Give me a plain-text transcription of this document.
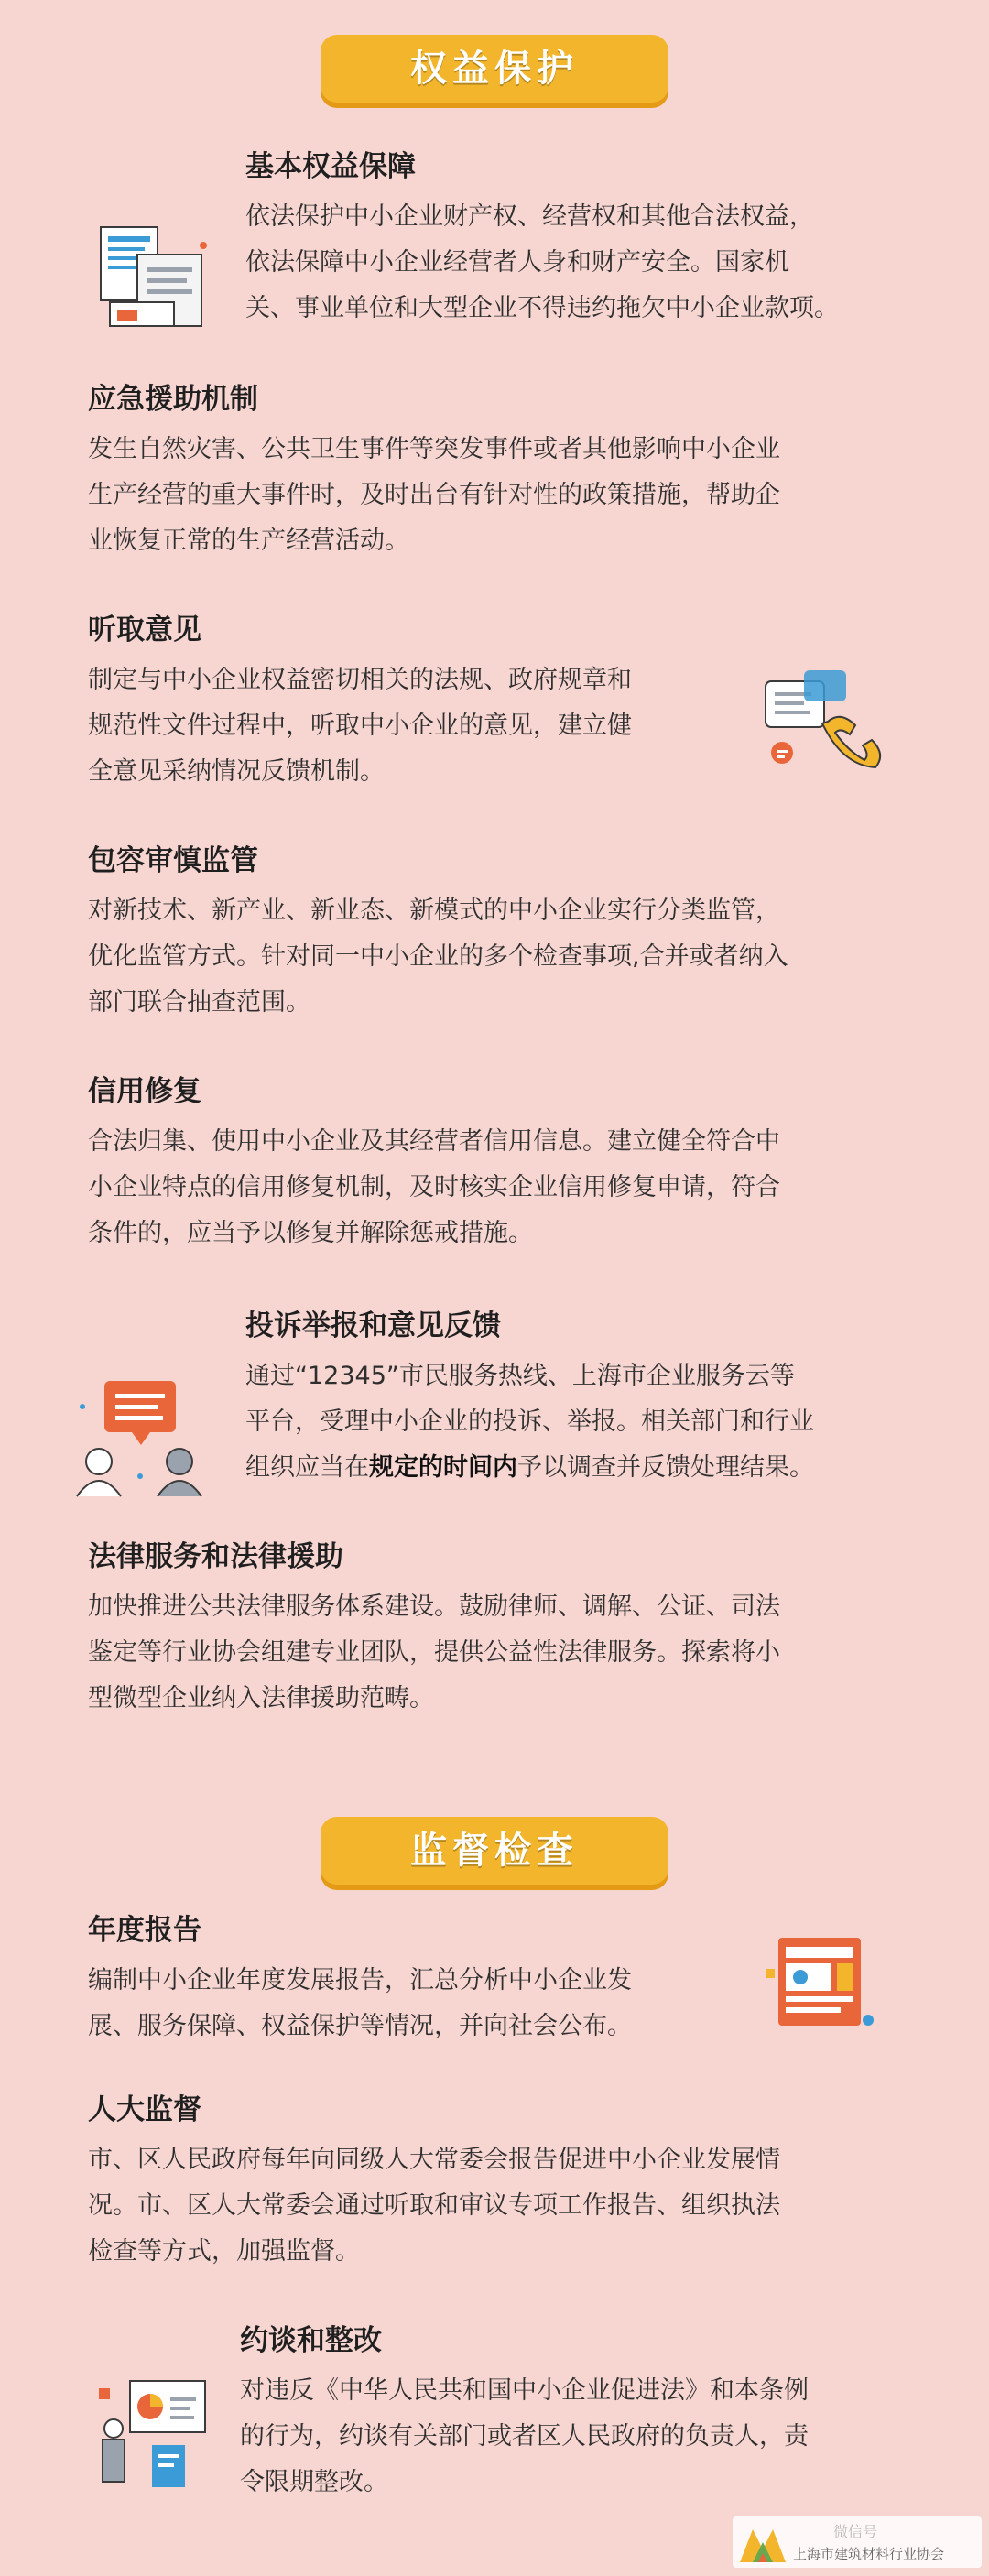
权益保护
基本权益保障

依法保护中小企业财产权、经营权和其他合法权益，
依法保障中小企业经营者人身和财产安全。国家机
关、事业单位和大型企业不得违约拖欠中小企业款项。

应急援助机制

发生自然灾害、公共卫生事件等突发事件或者其他影响中小企业
生产经营的重大事件时，及时出台有针对性的政策措施，帮助企
业恢复正常的生产经营活动。

听取意见

制定与中小企业权益密切相关的法规、政府规章和
规范性文件过程中，听取中小企业的意见，建立健
全意见采纳情况反馈机制。

包容审慎监管

对新技术、新产业、新业态、新模式的中小企业实行分类监管，
优化监管方式。针对同一中小企业的多个检查事项,合并或者纳入
部门联合抽查范围。

信用修复

合法归集、使用中小企业及其经营者信用信息。建立健全符合中
小企业特点的信用修复机制，及时核实企业信用修复申请，符合
条件的，应当予以修复并解除惩戒措施。

投诉举报和意见反馈

通过“12345”市民服务热线、上海市企业服务云等
平台，受理中小企业的投诉、举报。相关部门和行业
组织应当在规定的时间内予以调查并反馈处理结果。

法律服务和法律援助

加快推进公共法律服务体系建设。鼓励律师、调解、公证、司法
鉴定等行业协会组建专业团队，提供公益性法律服务。探索将小
型微型企业纳入法律援助范畴。

监督检查
年度报告

编制中小企业年度发展报告，汇总分析中小企业发
展、服务保障、权益保护等情况，并向社会公布。

人大监督

市、区人民政府每年向同级人大常委会报告促进中小企业发展情
况。市、区人大常委会通过听取和审议专项工作报告、组织执法
检查等方式，加强监督。

约谈和整改

对违反《中华人民共和国中小企业促进法》和本条例
的行为，约谈有关部门或者区人民政府的负责人，责
令限期整改。

微信号
上海市建筑材料行业协会
